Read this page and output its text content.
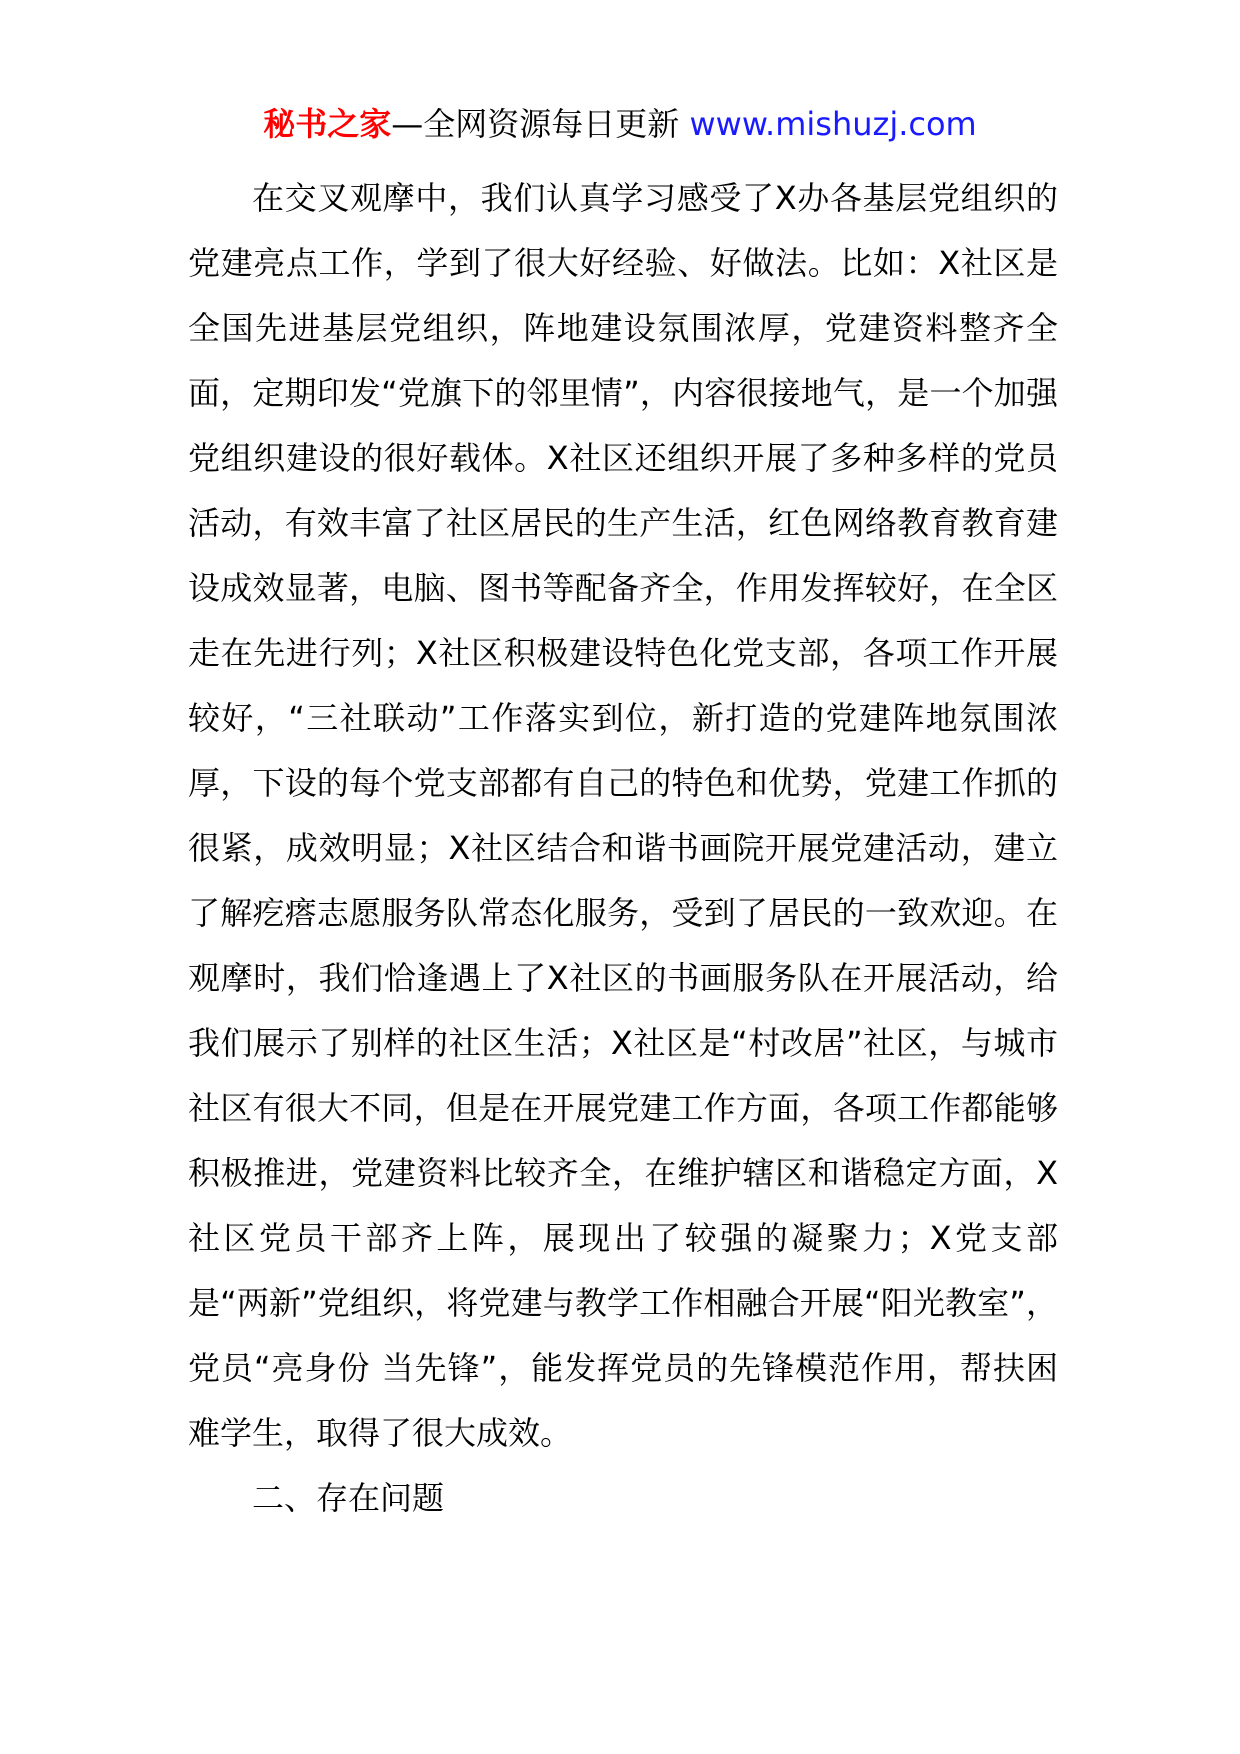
秘书之家—全网资源每日更新 www.mishuzj.com

在交叉观摩中，我们认真学习感受了X办各基层党组织的党建亮点工作，学到了很大好经验、好做法。比如：X社区是全国先进基层党组织，阵地建设氛围浓厚，党建资料整齐全面，定期印发“党旗下的邻里情”，内容很接地气，是一个加强党组织建设的很好载体。X社区还组织开展了多种多样的党员活动，有效丰富了社区居民的生产生活，红色网络教育教育建设成效显著，电脑、图书等配备齐全，作用发挥较好，在全区走在先进行列；X社区积极建设特色化党支部，各项工作开展较好，“三社联动”工作落实到位，新打造的党建阵地氛围浓厚，下设的每个党支部都有自己的特色和优势，党建工作抓的很紧，成效明显；X社区结合和谐书画院开展党建活动，建立了解疙瘩志愿服务队常态化服务，受到了居民的一致欢迎。在观摩时，我们恰逢遇上了X社区的书画服务队在开展活动，给我们展示了别样的社区生活；X社区是“村改居”社区，与城市社区有很大不同，但是在开展党建工作方面，各项工作都能够积极推进，党建资料比较齐全，在维护辖区和谐稳定方面，X社区党员干部齐上阵，展现出了较强的凝聚力；X党支部是“两新”党组织，将党建与教学工作相融合开展“阳光教室”，党员“亮身份 当先锋”，能发挥党员的先锋模范作用，帮扶困难学生，取得了很大成效。

二、存在问题
